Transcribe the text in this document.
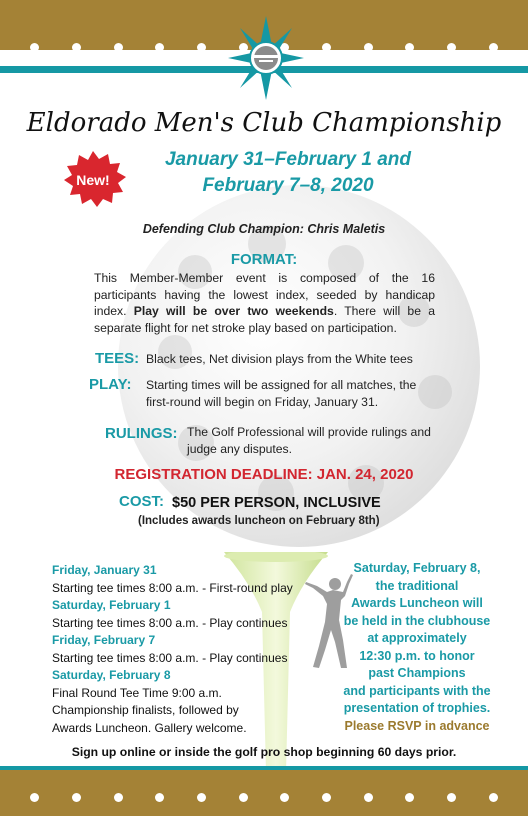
Eldorado Men's Club Championship
New!
January 31–February 1 and
February 7–8, 2020
Defending Club Champion: Chris Maletis
FORMAT:
This Member-Member event is composed of the 16 participants having the lowest index, seeded by handicap index. Play will be over two weekends. There will be a separate flight for net stroke play based on participation.
TEES: Black tees, Net division plays from the White tees
PLAY: Starting times will be assigned for all matches, the first-round will begin on Friday, January 31.
RULINGS: The Golf Professional will provide rulings and judge any disputes.
REGISTRATION DEADLINE: JAN. 24, 2020
COST: $50 PER PERSON, INCLUSIVE
(Includes awards luncheon on February 8th)
Friday, January 31
Starting tee times 8:00 a.m. - First-round play
Saturday, February 1
Starting tee times 8:00 a.m. - Play continues
Friday, February 7
Starting tee times 8:00 a.m. - Play continues
Saturday, February 8
Final Round Tee Time 9:00 a.m.
Championship finalists, followed by
Awards Luncheon. Gallery welcome.
Saturday, February 8,
the traditional
Awards Luncheon will
be held in the clubhouse
at approximately
12:30 p.m. to honor
past Champions
and participants with the
presentation of trophies.
Please RSVP in advance
Sign up online or inside the golf pro shop beginning 60 days prior.
